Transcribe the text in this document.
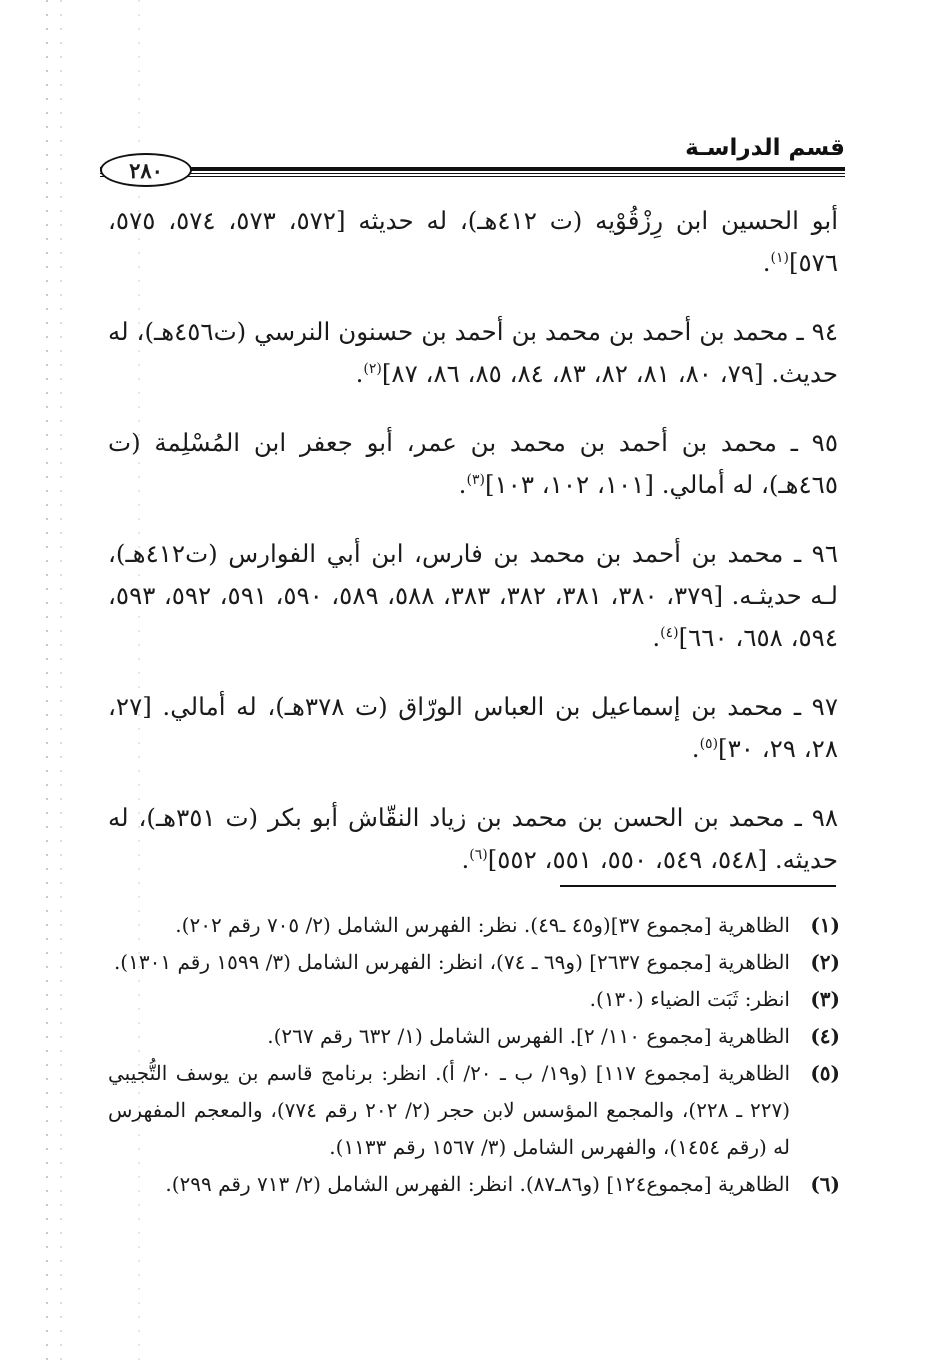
قسم الدراسـة
٢٨٠

أبو الحسين ابن رِزْقُوْيه (ت ٤١٢هـ)، له حديثه [٥٧٢، ٥٧٣، ٥٧٤، ٥٧٥، ٥٧٦]$^{(١)}$.

٩٤ ـ محمد بن أحمد بن محمد بن أحمد بن حسنون النرسي (ت٤٥٦هـ)، له حديث. [٧٩، ٨٠، ٨١، ٨٢، ٨٣، ٨٤، ٨٥، ٨٦، ٨٧]$^{(٢)}$.

٩٥ ـ محمد بن أحمد بن محمد بن عمر، أبو جعفر ابن المُسْلِمة (ت ٤٦٥هـ)، له أمالي. [١٠١، ١٠٢، ١٠٣]$^{(٣)}$.

٩٦ ـ محمد بن أحمد بن محمد بن فارس، ابن أبي الفوارس (ت٤١٢هـ)، لـه حديثـه. [٣٧٩، ٣٨٠، ٣٨١، ٣٨٢، ٣٨٣، ٥٨٨، ٥٨٩، ٥٩٠، ٥٩١، ٥٩٢، ٥٩٣، ٥٩٤، ٦٥٨، ٦٦٠]$^{(٤)}$.

٩٧ ـ محمد بن إسماعيل بن العباس الورّاق (ت ٣٧٨هـ)، له أمالي. [٢٧، ٢٨، ٢٩، ٣٠]$^{(٥)}$.

٩٨ ـ محمد بن الحسن بن محمد بن زياد النقّاش أبو بكر (ت ٣٥١هـ)، له حديثه. [٥٤٨، ٥٤٩، ٥٥٠، ٥٥١، ٥٥٢]$^{(٦)}$.

(١)
الظاهرية [مجموع ٣٧](و٤٥ ـ٤٩). نظر: الفهرس الشامل (٢/ ٧٠٥ رقم ٢٠٢).
(٢)
الظاهرية [مجموع ٢٦٣٧] (و٦٩ ـ ٧٤)، انظر: الفهرس الشامل (٣/ ١٥٩٩ رقم ١٣٠١).
(٣)
انظر: ثَبَت الضياء (١٣٠).
(٤)
الظاهرية [مجموع ١١٠/ ٢]. الفهرس الشامل (١/ ٦٣٢ رقم ٢٦٧).
(٥)
الظاهرية [مجموع ١١٧] (و١٩/ ب ـ ٢٠/ أ). انظر: برنامج قاسم بن يوسف التُّجيبي (٢٢٧ ـ ٢٢٨)، والمجمع المؤسس لابن حجر (٢/ ٢٠٢ رقم ٧٧٤)، والمعجم المفهرس له (رقم ١٤٥٤)، والفهرس الشامل (٣/ ١٥٦٧ رقم ١١٣٣).
(٦)
الظاهرية [مجموع١٢٤] (و٨٦ـ٨٧). انظر: الفهرس الشامل (٢/ ٧١٣ رقم ٢٩٩).
